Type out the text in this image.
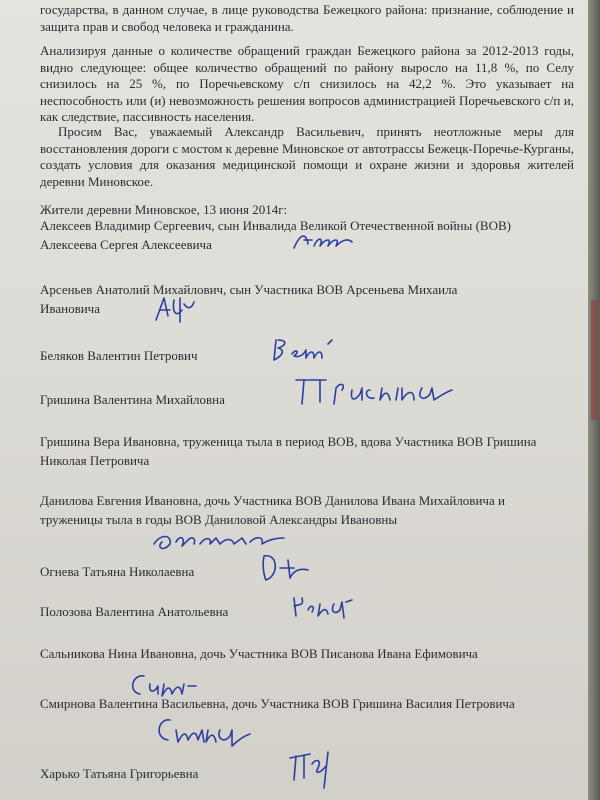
государства, в данном случае, в лице руководства Бежецкого района: признание, соблюдение и защита прав и свобод человека и гражданина.

Анализируя данные о количестве обращений граждан Бежецкого района за 2012-2013 годы, видно следующее: общее количество обращений по району выросло на 11,8 %, по Селу снизилось на 25 %, по Поречьевскому с/п снизилось на 42,2 %. Это указывает на неспособность или (и) невозможность решения вопросов администрацией Поречьевского с/п и, как следствие, пассивность населения.

Просим Вас, уважаемый Александр Васильевич, принять неотложные меры для восстановления дороги с мостом к деревне Миновское от автотрассы Бежецк-Поречье-Курганы, создать условия для оказания медицинской помощи и охране жизни и здоровья жителей деревни Миновское.

Жители деревни Миновское, 13 июня 2014г:

Алексеев Владимир Сергеевич, сын Инвалида Великой Отечественной войны (ВОВ) Алексеева Сергея Алексеевича

Арсеньев Анатолий Михайлович, сын Участника ВОВ Арсеньева Михаила Ивановича

Беляков Валентин Петрович

Гришина Валентина Михайловна

Гришина Вера Ивановна, труженица тыла в период ВОВ, вдова Участника ВОВ Гришина Николая Петровича

Данилова Евгения Ивановна, дочь Участника ВОВ Данилова Ивана Михайловича и труженицы тыла в годы ВОВ Даниловой Александры Ивановны

Огнева Татьяна Николаевна

Полозова Валентина Анатольевна

Сальникова Нина Ивановна, дочь Участника ВОВ Писанова Ивана Ефимовича

Смирнова Валентина Васильевна, дочь Участника ВОВ Гришина Василия Петровича

Харько Татьяна Григорьевна
